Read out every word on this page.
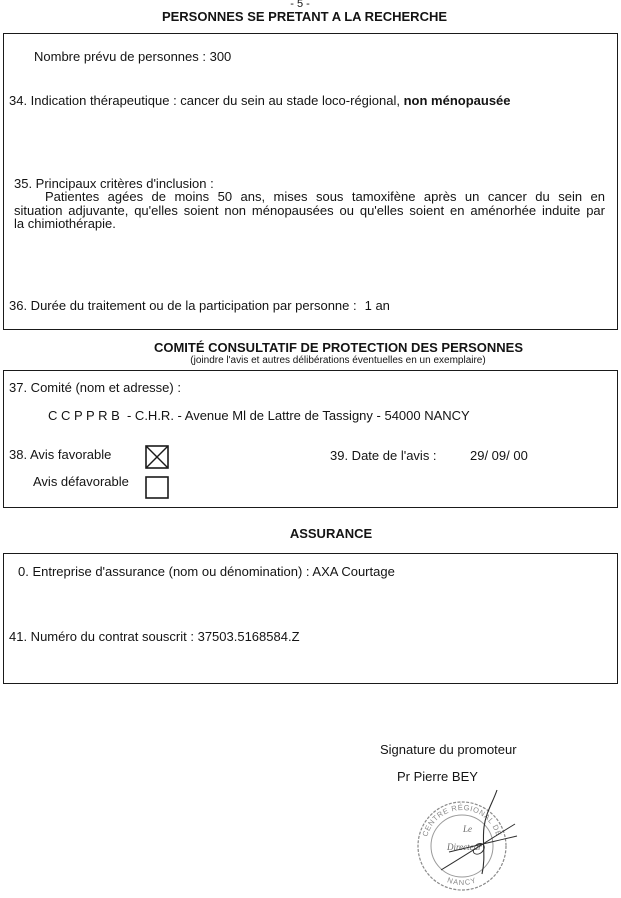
- 5 -
PERSONNES SE PRETANT A LA RECHERCHE
Nombre prévu de personnes : 300
34. Indication thérapeutique : cancer du sein au stade loco-régional, non ménopausée
35. Principaux critères d'inclusion :
Patientes agées de moins 50 ans, mises sous tamoxifène après un cancer du sein en
situation adjuvante, qu'elles soient non ménopausées ou qu'elles soient en aménorhée induite par
la chimiothérapie.
36. Durée du traitement ou de la participation par personne : 1 an
COMITÉ CONSULTATIF DE PROTECTION DES PERSONNES
(joindre l'avis et autres délibérations éventuelles en un exemplaire)
37. Comité (nom et adresse) :
C C P P R B  - C.H.R. - Avenue Ml de Lattre de Tassigny - 54000 NANCY
38. Avis favorable	39. Date de l'avis :	29/ 09/ 00
Avis défavorable
ASSURANCE
0. Entreprise d'assurance (nom ou dénomination) : AXA Courtage
41. Numéro du contrat souscrit : 37503.5168584.Z
Signature du promoteur
Pr Pierre BEY
CENTRE RÉGIONAL DE
NANCY
Le
Directeur
